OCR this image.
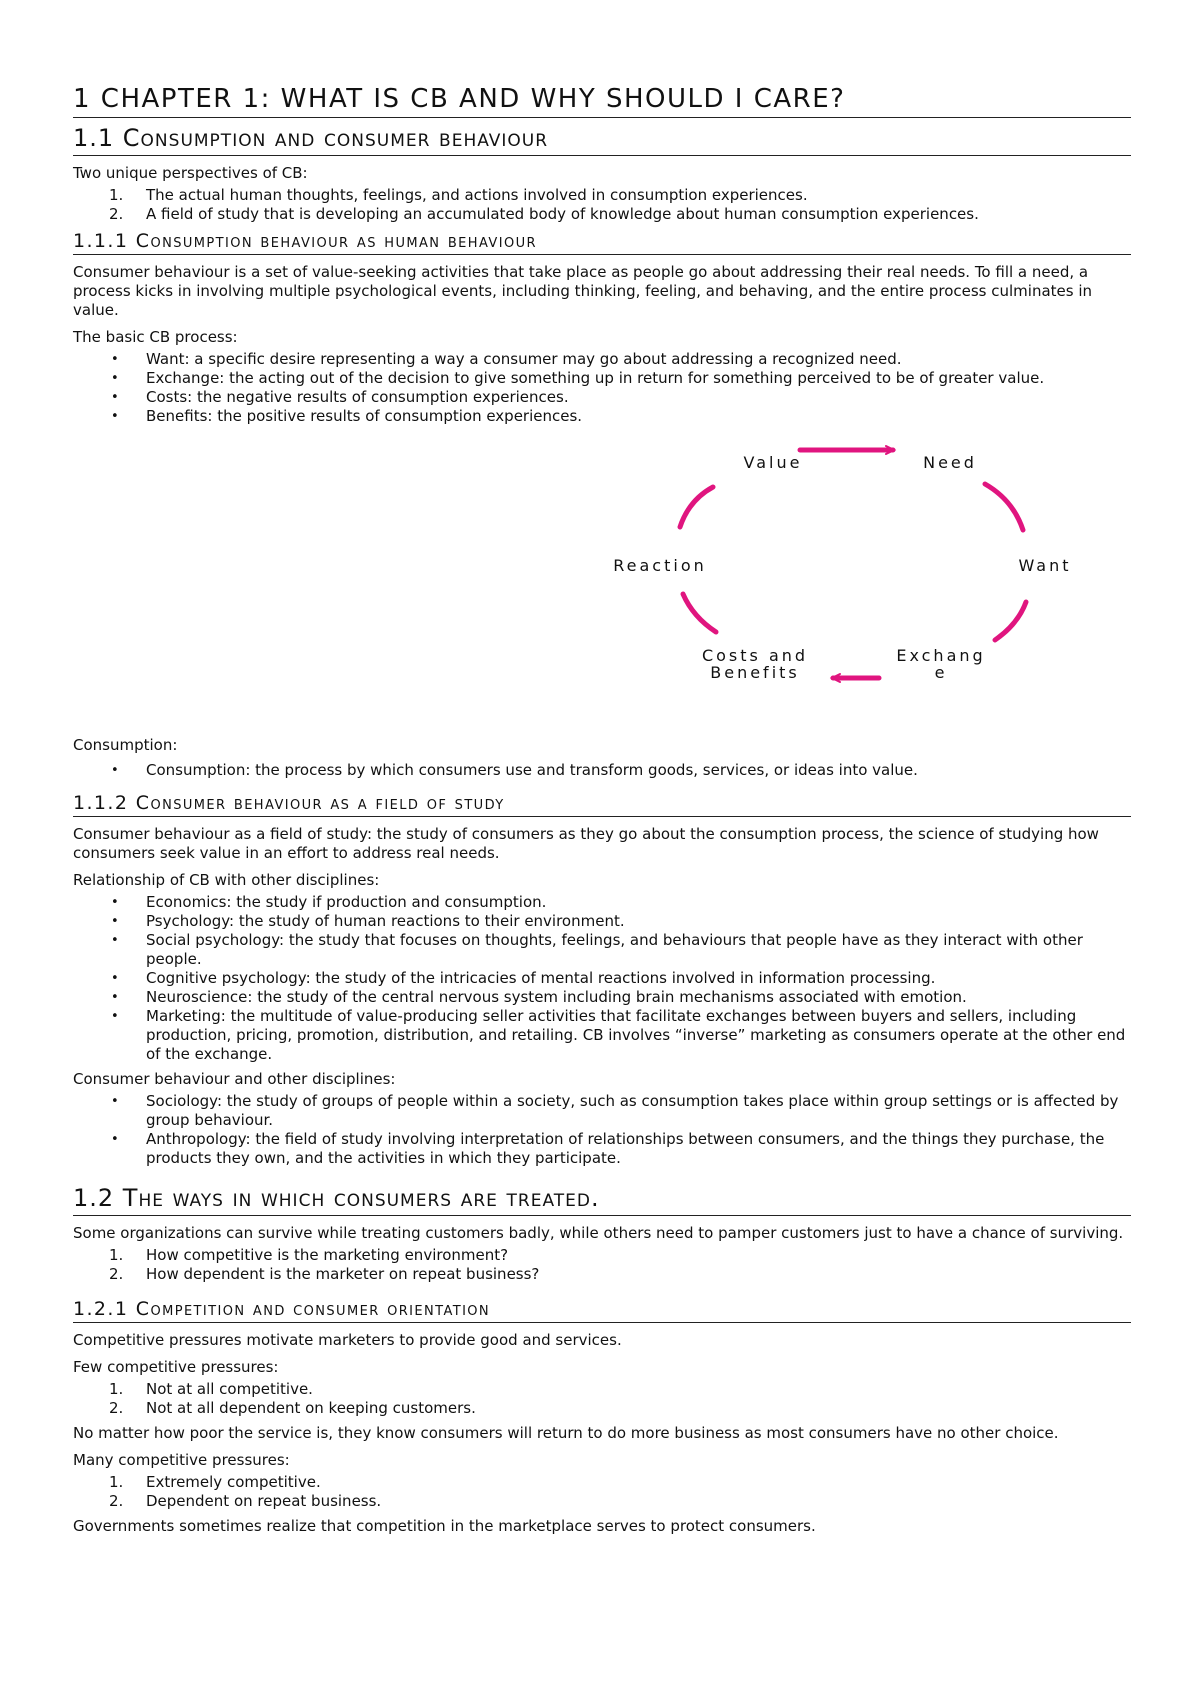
1 CHAPTER 1: WHAT IS CB AND WHY SHOULD I CARE?
1.1 Consumption and consumer behaviour

Two unique perspectives of CB:

1. The actual human thoughts, feelings, and actions involved in consumption experiences.
2. A field of study that is developing an accumulated body of knowledge about human consumption experiences.
1.1.1 Consumption behaviour as human behaviour

Consumer behaviour is a set of value-seeking activities that take place as people go about addressing their real needs. To fill a need, a process kicks in involving multiple psychological events, including thinking, feeling, and behaving, and the entire process culminates in value.

The basic CB process:

• Want: a specific desire representing a way a consumer may go about addressing a recognized need.
• Exchange: the acting out of the decision to give something up in return for something perceived to be of greater value.
• Costs: the negative results of consumption experiences.
• Benefits: the positive results of consumption experiences.
Value	Need
Reaction	Want
Costs and
Benefits
Exchang
e

Consumption:

• Consumption: the process by which consumers use and transform goods, services, or ideas into value.
1.1.2 Consumer behaviour as a field of study

Consumer behaviour as a field of study: the study of consumers as they go about the consumption process, the science of studying how consumers seek value in an effort to address real needs.

Relationship of CB with other disciplines:

• Economics: the study if production and consumption.
• Psychology: the study of human reactions to their environment.
• Social psychology: the study that focuses on thoughts, feelings, and behaviours that people have as they interact with other people.
• Cognitive psychology: the study of the intricacies of mental reactions involved in information processing.
• Neuroscience: the study of the central nervous system including brain mechanisms associated with emotion.
• Marketing: the multitude of value-producing seller activities that facilitate exchanges between buyers and sellers, including production, pricing, promotion, distribution, and retailing. CB involves “inverse” marketing as consumers operate at the other end of the exchange.

Consumer behaviour and other disciplines:

• Sociology: the study of groups of people within a society, such as consumption takes place within group settings or is affected by group behaviour.
• Anthropology: the field of study involving interpretation of relationships between consumers, and the things they purchase, the products they own, and the activities in which they participate.
1.2 The ways in which consumers are treated.

Some organizations can survive while treating customers badly, while others need to pamper customers just to have a chance of surviving.

1. How competitive is the marketing environment?
2. How dependent is the marketer on repeat business?
1.2.1 Competition and consumer orientation

Competitive pressures motivate marketers to provide good and services.

Few competitive pressures:

1. Not at all competitive.
2. Not at all dependent on keeping customers.

No matter how poor the service is, they know consumers will return to do more business as most consumers have no other choice.

Many competitive pressures:

1. Extremely competitive.
2. Dependent on repeat business.

Governments sometimes realize that competition in the marketplace serves to protect consumers.
